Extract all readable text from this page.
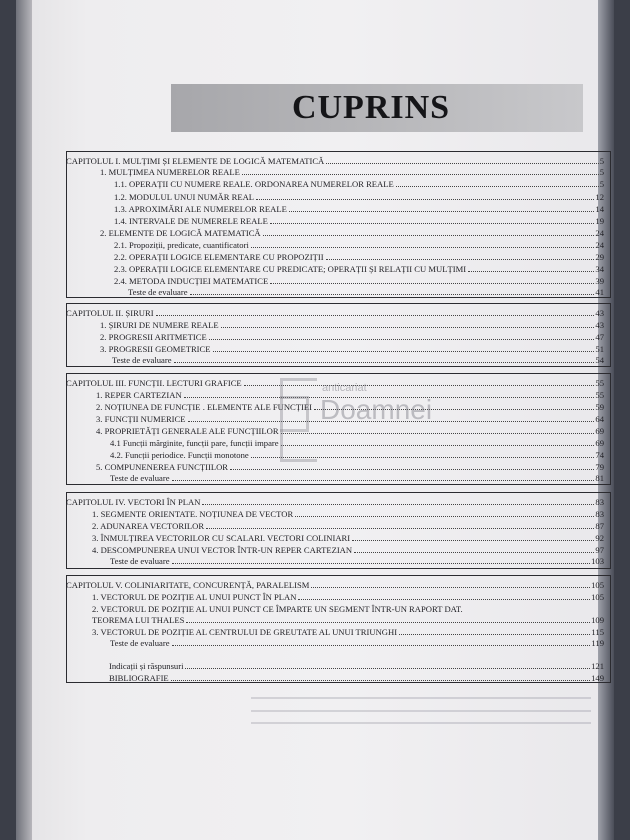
CUPRINS
CAPITOLUL I. MULȚIMI ȘI ELEMENTE DE LOGICĂ MATEMATICĂ	5
1. MULȚIMEA NUMERELOR REALE	5
1.1. OPERAȚII CU NUMERE REALE. ORDONAREA NUMERELOR REALE	5
1.2. MODULUL UNUI NUMĂR REAL	12
1.3. APROXIMĂRI ALE NUMERELOR REALE	14
1.4. INTERVALE DE NUMERELE REALE	19
2. ELEMENTE DE LOGICĂ MATEMATICĂ	24
2.1. Propoziții, predicate, cuantificatori	24
2.2. OPERAȚII LOGICE ELEMENTARE CU PROPOZIȚII	29
2.3. OPERAȚII LOGICE ELEMENTARE CU PREDICATE; OPERAȚII ȘI RELAȚII CU MULȚIMI	34
2.4. METODA INDUCȚIEI MATEMATICE	39
Teste de evaluare	41
CAPITOLUL II. ȘIRURI	43
1. ȘIRURI DE NUMERE REALE	43
2. PROGRESII ARITMETICE	47
3. PROGRESII GEOMETRICE	51
Teste de evaluare	54
CAPITOLUL III. FUNCȚII. LECTURI GRAFICE	55
1. REPER CARTEZIAN	55
2. NOȚIUNEA DE FUNCȚIE . ELEMENTE ALE FUNCȚIEI	59
3. FUNCȚII NUMERICE	64
4. PROPRIETĂȚI GENERALE ALE FUNCȚIILOR	69
4.1 Funcții mărginite, funcții pare, funcții impare	69
4.2. Funcții periodice. Funcții monotone	74
5. COMPUNENEREA FUNCȚIILOR	79
Teste de evaluare	81
CAPITOLUL IV. VECTORI ÎN PLAN	83
1. SEGMENTE ORIENTATE. NOȚIUNEA DE VECTOR	83
2. ADUNAREA VECTORILOR	87
3. ÎNMULȚIREA VECTORILOR CU SCALARI. VECTORI COLINIARI	92
4. DESCOMPUNEREA UNUI VECTOR ÎNTR-UN REPER CARTEZIAN	97
Teste de evaluare	103
CAPITOLUL V. COLINIARITATE, CONCURENȚĂ, PARALELISM	105
1. VECTORUL DE POZIȚIE AL UNUI PUNCT ÎN PLAN	105
2. VECTORUL DE POZIȚIE AL UNUI PUNCT CE ÎMPARTE UN SEGMENT ÎNTR-UN RAPORT DAT.
TEOREMA LUI THALES	109
3. VECTORUL DE POZIȚIE AL CENTRULUI DE GREUTATE AL UNUI TRIUNGHI	115
Teste de evaluare	119
Indicații și răspunsuri	121
BIBLIOGRAFIE	149
anticariat
Doamnei
